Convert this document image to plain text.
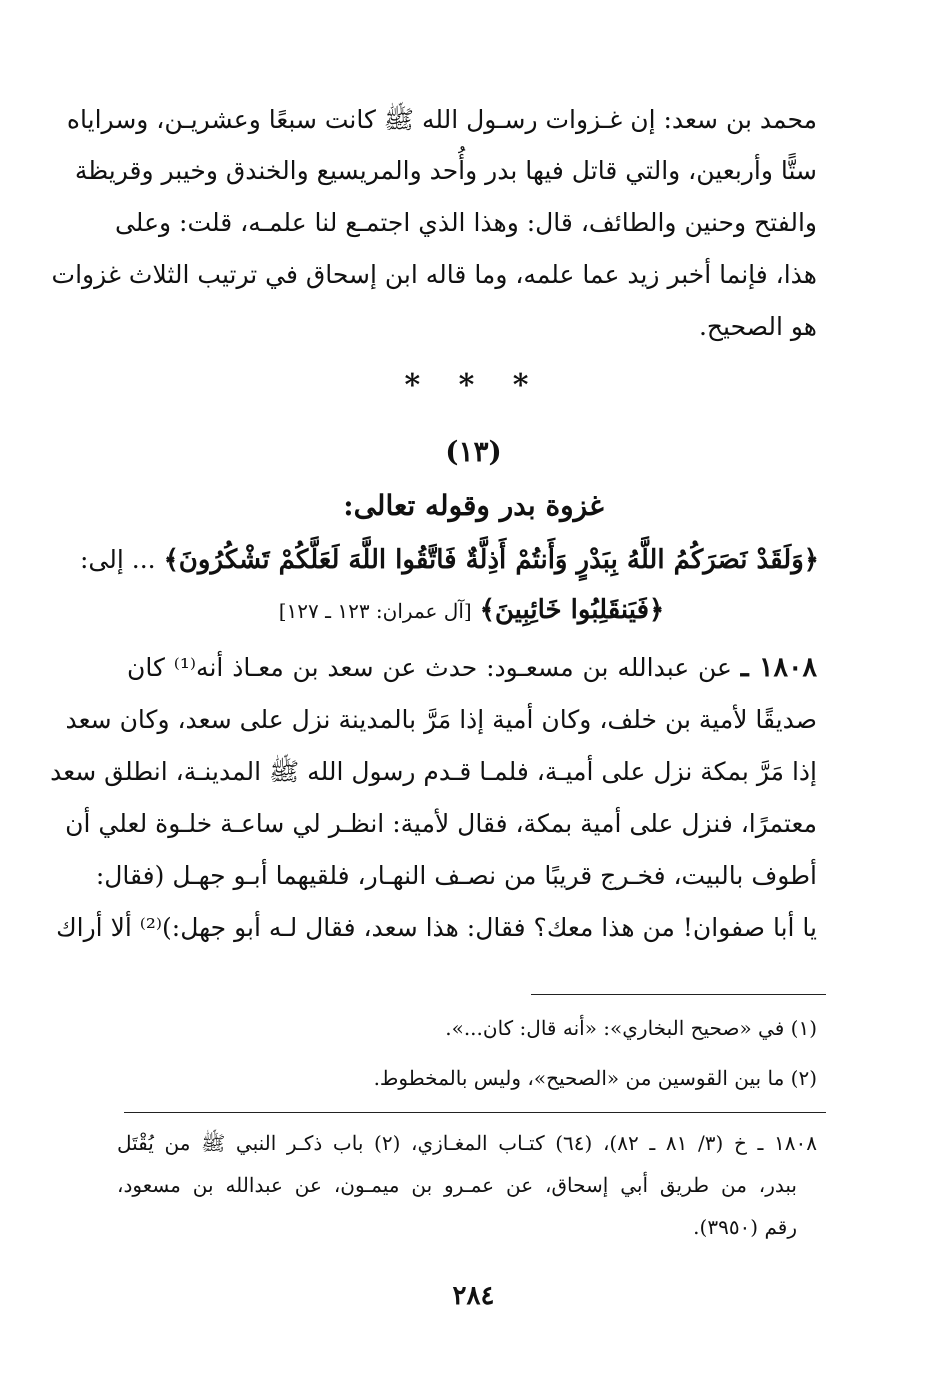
محمد بن سعد: إن غـزوات رسـول الله ﷺ كانت سبعًا وعشريـن، وسراياه
ستًّا وأربعين، والتي قاتل فيها بدر وأُحد والمريسيع والخندق وخيبر وقريظة
والفتح وحنين والطائف، قال: وهذا الذي اجتمـع لنا علمـه، قلت: وعلى
هذا، فإنما أخبر زيد عما علمه، وما قاله ابن إسحاق في ترتيب الثلاث غزوات
هو الصحيح.
* * *
(١٣)
غزوة بدر وقوله تعالى:
﴿وَلَقَدْ نَصَرَكُمُ اللَّهُ بِبَدْرٍ وَأَنتُمْ أَذِلَّةٌ فَاتَّقُوا اللَّهَ لَعَلَّكُمْ تَشْكُرُونَ﴾ ... إلى:
﴿فَيَنقَلِبُوا خَائِبِينَ﴾ [آل عمران: ١٢٣ ـ ١٢٧]
١٨٠٨ ـ عن عبدالله بن مسعـود: حدث عن سعد بن معـاذ أنه⁽¹⁾ كان
صديقًا لأمية بن خلف، وكان أمية إذا مَرَّ بالمدينة نزل على سعد، وكان سعد
إذا مَرَّ بمكة نزل على أميـة، فلمـا قـدم رسول الله ﷺ المدينـة، انطلق سعد
معتمرًا، فنزل على أمية بمكة، فقال لأمية: انظـر لي ساعـة خلـوة لعلي أن
أطوف بالبيت، فخـرج قريبًا من نصـف النهـار، فلقيهما أبـو جهـل (فقال:
يا أبا صفوان! من هذا معك؟ فقال: هذا سعد، فقال لـه أبو جهل:)⁽²⁾ ألا أراك
(١) في «صحيح البخاري»: «أنه قال: كان...».
(٢) ما بين القوسين من «الصحيح»، وليس بالمخطوط.
١٨٠٨ ـ خ (٣/ ٨١ ـ ٨٢)، (٦٤) كتـاب المغـازي، (٢) باب ذكـر النبي ﷺ من يُقْتَل
ببدر، من طريق أبي إسحاق، عن عمـرو بن ميمـون، عن عبدالله بن مسعود،
رقم (٣٩٥٠).
٢٨٤
